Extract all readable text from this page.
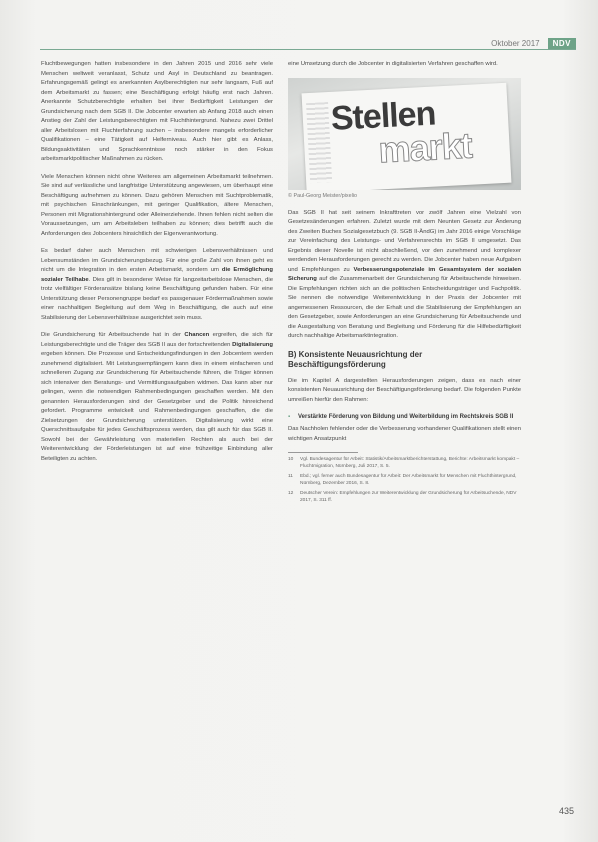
Oktober 2017	NDV

Fluchtbewegungen hatten insbesondere in den Jahren 2015 und 2016 sehr viele Menschen weltweit veranlasst, Schutz und Asyl in Deutschland zu beantragen. Erfahrungsgemäß gelingt es anerkannten Asylberechtigten nur sehr langsam, Fuß auf dem Arbeitsmarkt zu fassen; eine Beschäftigung erfolgt häufig erst nach Jahren. Anerkannte Schutzberechtigte erhalten bei ihrer Bedürftigkeit Leistungen der Grundsicherung nach dem SGB II. Die Jobcenter erwarten ab Anfang 2018 auch einen Anstieg der Zahl der Leistungsberechtigten mit Fluchthintergrund. Nahezu zwei Drittel aller Arbeitslosen mit Fluchterfahrung suchen – insbesondere mangels erforderlicher Qualifikationen – eine Tätigkeit auf Helferniveau. Auch hier gibt es Anlass, Bildungsaktivitäten und Sprachkenntnisse noch stärker in den Fokus arbeitsmarktpolitischer Maßnahmen zu rücken.

Viele Menschen können nicht ohne Weiteres am allgemeinen Arbeitsmarkt teilnehmen. Sie sind auf verlässliche und langfristige Unterstützung angewiesen, um überhaupt eine Beschäftigung aufnehmen zu können. Dazu gehören Menschen mit Suchtproblematik, mit psychischen Einschränkungen, mit geringer Qualifikation, ältere Menschen, Personen mit Migrationshintergrund oder Alleinerziehende. Ihnen fehlen nicht selten die Voraussetzungen, um am Arbeitsleben teilhaben zu können; dies betrifft auch die Anforderungen des Jobcenters hinsichtlich der Eigenverantwortung.

Es bedarf daher auch Menschen mit schwierigen Lebensverhältnissen und Lebensumständen im Grundsicherungsbezug. Für eine große Zahl von ihnen geht es nicht um die Integration in den ersten Arbeitsmarkt, sondern um die Ermöglichung sozialer Teilhabe. Dies gilt in besonderer Weise für langzeitarbeitslose Menschen, die trotz vielfältiger Förderansätze bislang keine Beschäftigung gefunden haben. Für eine Unterstützung dieser Personengruppe bedarf es passgenauer Fördermaßnahmen sowie einer nachhaltigen Begleitung auf dem Weg in Beschäftigung, die auch auf eine Stabilisierung der Lebensverhältnisse ausgerichtet sein muss.

Die Grundsicherung für Arbeitsuchende hat in der Chancen ergreifen, die sich für Leistungsberechtigte und die Träger des SGB II aus der fortschreitenden Digitalisierung ergeben können. Die Prozesse und Entscheidungsfindungen in den Jobcentern werden zunehmend digitalisiert. Mit Leistungsempfängern kann dies in einem einfacheren und schnelleren Zugang zur Grundsicherung für Arbeitsuchende führen, die Träger können sich intensiver den Beratungs- und Vermittlungsaufgaben widmen. Das kann aber nur gelingen, wenn die notwendigen Rahmenbedingungen geschaffen werden. Mit den genannten Herausforderungen sind der Gesetzgeber und die Politik hinreichend gefordert. Programme entwickelt und Rahmenbedingungen geschaffen, die die Zielsetzungen der Grundsicherung unterstützen. Digitalisierung wirkt eine Querschnittsaufgabe für jedes Geschäftsprozess werden, das gilt auch für das SGB II. Sowohl bei der Gewährleistung von materiellen Rechten als auch bei der Weiterentwicklung der Förderleistungen ist auf eine frühzeitige Einbindung aller Beteiligten zu achten.

eine Umsetzung durch die Jobcenter in digitalisierten Verfahren geschaffen wird.

Stellen
markt
© Paul-Georg Meister/pixelio

Das SGB II hat seit seinem Inkrafttreten vor zwölf Jahren eine Vielzahl von Gesetzesänderungen erfahren. Zuletzt wurde mit dem Neunten Gesetz zur Änderung des Zweiten Buches Sozialgesetzbuch (9. SGB II-ÄndG) im Jahr 2016 einige Vorschläge zur Vereinfachung des Leistungs- und Verfahrensrechts im SGB II umgesetzt. Das Ergebnis dieser Novelle ist nicht abschließend, vor den zunehmend und komplexer werdenden Herausforderungen gerecht zu werden. Die Jobcenter haben neue Aufgaben und Empfehlungen zu Verbesserungspotenziale im Gesamtsystem der sozialen Sicherung auf die Zusammenarbeit der Grundsicherung für Arbeitsuchende hinweisen. Die Empfehlungen richten sich an die politischen Entscheidungsträger und Fachpolitik. Sie nennen die notwendige Weiterentwicklung in der Praxis der Jobcenter mit angemessenen Ressourcen, die der Erhalt und die Stabilisierung der Empfehlungen an den Gesetzgeber, sowie Anforderungen an eine Grundsicherung für Arbeitsuchende und die Ausgestaltung von Beratung und Begleitung und Förderung für die Hilfebedürftigkeit durch nachhaltige Arbeitsmarktintegration.

B) Konsistente Neuausrichtung der Beschäftigungsförderung

Die im Kapitel A dargestellten Herausforderungen zeigen, dass es nach einer konsistenten Neuausrichtung der Beschäftigungsförderung bedarf. Die folgenden Punkte umreißen hierfür den Rahmen:

▪ Verstärkte Förderung von Bildung und Weiterbildung im Rechtskreis SGB II

Das Nachholen fehlender oder die Verbesserung vorhandener Qualifikationen stellt einen wichtigen Ansatzpunkt

10	Vgl. Bundesagentur für Arbeit: Statistik/Arbeitsmarktberichterstattung, Berichte: Arbeitsmarkt kompakt – Fluchtmigration, Nürnberg, Juli 2017, S. 5.
11	Ebd.; vgl. ferner auch Bundesagentur für Arbeit: Der Arbeitsmarkt für Menschen mit Fluchthintergrund, Nürnberg, Dezember 2016, S. 8.
12	Deutscher Verein: Empfehlungen zur Weiterentwicklung der Grundsicherung für Arbeitsuchende, NDV 2017, S. 311 ff.
435
